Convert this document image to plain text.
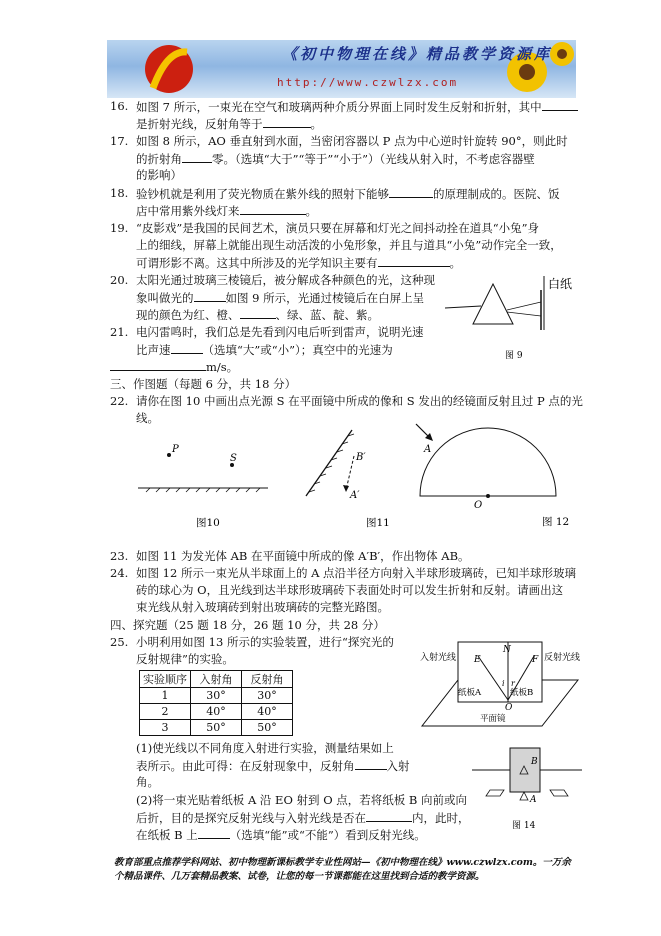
《初中物理在线》精品教学资源库
http://www.czwlzx.com
16. 如图 7 所示，一束光在空气和玻璃两种介质分界面上同时发生反射和折射，其中
是折射光线，反射角等于	。
17. 如图 8 所示，AO 垂直射到水面，当密闭容器以 P 点为中心逆时针旋转 90°，则此时
的折射角	零。（选填“大于”“等于”“小于”）（光线从射入时，不考虑容器壁
的影响）
18. 验钞机就是利用了荧光物质在紫外线的照射下能够	的原理制成的。医院、饭
店中常用紫外线灯来	。
19. “皮影戏”是我国的民间艺术，演员只要在屏幕和灯光之间抖动拴在道具“小兔”身
上的细线，屏幕上就能出现生动活泼的小兔形象，并且与道具“小兔”动作完全一致，
可谓形影不离。这其中所涉及的光学知识主要有	。
20. 太阳光通过玻璃三棱镜后，被分解成各种颜色的光，这种现
象叫做光的	如图 9 所示，光通过棱镜后在白屏上呈
现的颜色为红、橙、	、绿、蓝、靛、紫。
21. 电闪雷鸣时，我们总是先看到闪电后听到雷声，说明光速
比声速	（选填“大”或“小”）；真空中的光速为
m/s。
白纸
图 9
三、作图题（每题 6 分，共 18 分）
22. 请你在图 10 中画出点光源 S 在平面镜中所成的像和 S 发出的经镜面反射且过 P 点的光
线。
P
S
图10
B′
A′
图11
A
O
图 12
23. 如图 11 为发光体 AB 在平面镜中所成的像 A′B′，作出物体 AB。
24. 如图 12 所示一束光从半球面上的 A 点沿半径方向射入半球形玻璃砖，已知半球形玻璃
砖的球心为 O，且光线到达半球形玻璃砖下表面处时可以发生折射和反射。请画出这
束光线从射入玻璃砖到射出玻璃砖的完整光路图。
四、探究题（25 题 18 分，26 题 10 分，共 28 分）
25. 小明利用如图 13 所示的实验装置，进行“探究光的
反射规律”的实验。
实验顺序	入射角	反射角
1	30°	30°
2	40°	40°
3	50°	50°
(1)使光线以不同角度入射进行实验，测量结果如上
表所示。由此可得：在反射现象中，反射角	入射
角。
(2)将一束光贴着纸板 A 沿 EO 射到 O 点，若将纸板 B 向前或向
后折，目的是探究反射光线与入射光线是否在	内，此时，
在纸板 B 上	（选填“能”或“不能”）看到反射光线。
入射光线	反射光线
N
E	F
i r
O
纸板A	纸板B
平面镜
B
A
图 14
教育部重点推荐学科网站、初中物理新课标教学专业性网站—《初中物理在线》www.czwlzx.com。一万余
个精品课件、几万套精品教案、试卷，让您的每一节课都能在这里找到合适的教学资源。
